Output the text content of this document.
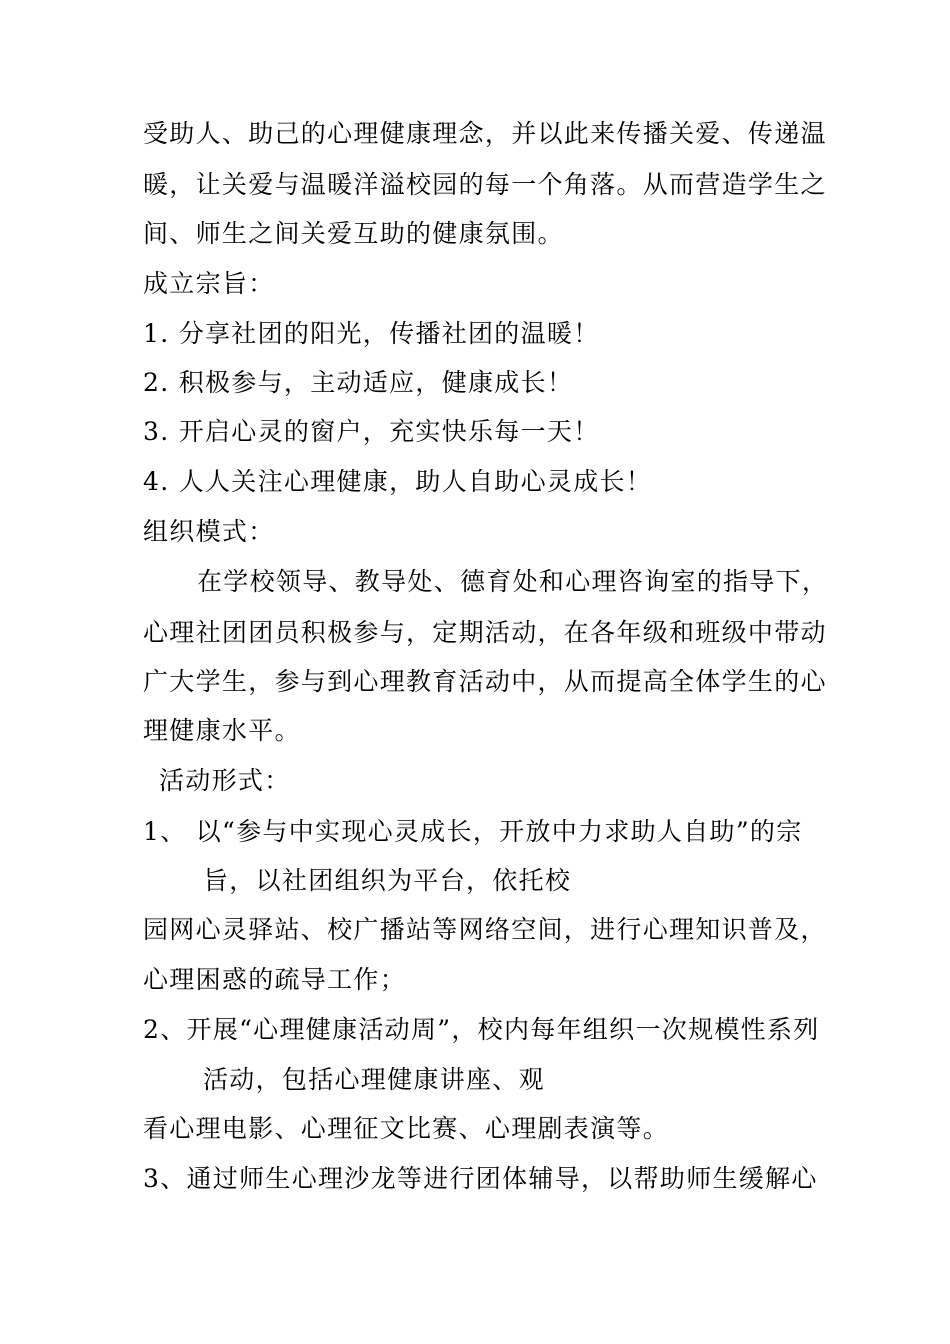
受助人、助己的心理健康理念，并以此来传播关爱、传递温
暖，让关爱与温暖洋溢校园的每一个角落。从而营造学生之
间、师生之间关爱互助的健康氛围。
成立宗旨：
1. 分享社团的阳光，传播社团的温暖！
2. 积极参与，主动适应，健康成长！
3. 开启心灵的窗户，充实快乐每一天！
4. 人人关注心理健康，助人自助心灵成长！
组织模式：
在学校领导、教导处、德育处和心理咨询室的指导下，
心理社团团员积极参与，定期活动，在各年级和班级中带动
广大学生，参与到心理教育活动中，从而提高全体学生的心
理健康水平。
活动形式：
1、 以“参与中实现心灵成长，开放中力求助人自助”的宗
旨，以社团组织为平台，依托校
园网心灵驿站、校广播站等网络空间，进行心理知识普及，
心理困惑的疏导工作；
2、开展“心理健康活动周”，校内每年组织一次规模性系列
活动，包括心理健康讲座、观
看心理电影、心理征文比赛、心理剧表演等。
3、通过师生心理沙龙等进行团体辅导，以帮助师生缓解心
